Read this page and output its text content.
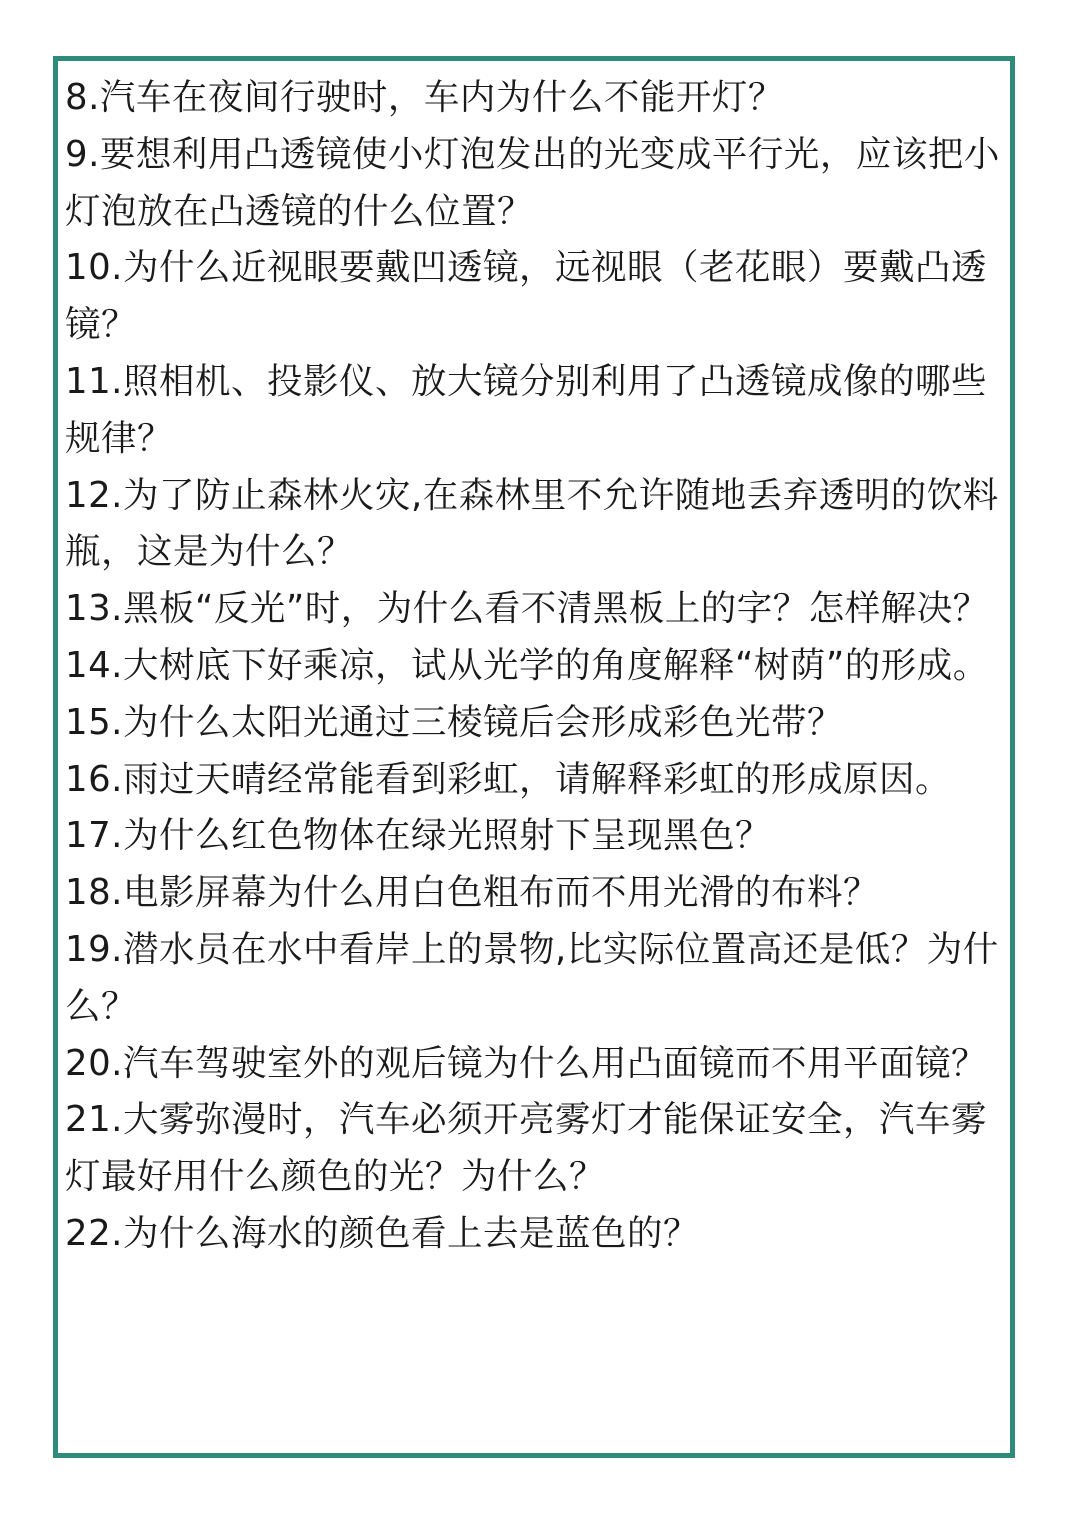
8.汽车在夜间行驶时，车内为什么不能开灯？

9.要想利用凸透镜使小灯泡发出的光变成平行光，应该把小灯泡放在凸透镜的什么位置？

10.为什么近视眼要戴凹透镜，远视眼（老花眼）要戴凸透镜？

11.照相机、投影仪、放大镜分别利用了凸透镜成像的哪些规律？

12.为了防止森林火灾,在森林里不允许随地丢弃透明的饮料瓶，这是为什么？

13.黑板“反光”时，为什么看不清黑板上的字？怎样解决？

14.大树底下好乘凉，试从光学的角度解释“树荫”的形成。

15.为什么太阳光通过三棱镜后会形成彩色光带？

16.雨过天晴经常能看到彩虹，请解释彩虹的形成原因。

17.为什么红色物体在绿光照射下呈现黑色？

18.电影屏幕为什么用白色粗布而不用光滑的布料？

19.潜水员在水中看岸上的景物,比实际位置高还是低？为什么？

20.汽车驾驶室外的观后镜为什么用凸面镜而不用平面镜？

21.大雾弥漫时，汽车必须开亮雾灯才能保证安全，汽车雾灯最好用什么颜色的光？为什么？

22.为什么海水的颜色看上去是蓝色的？
